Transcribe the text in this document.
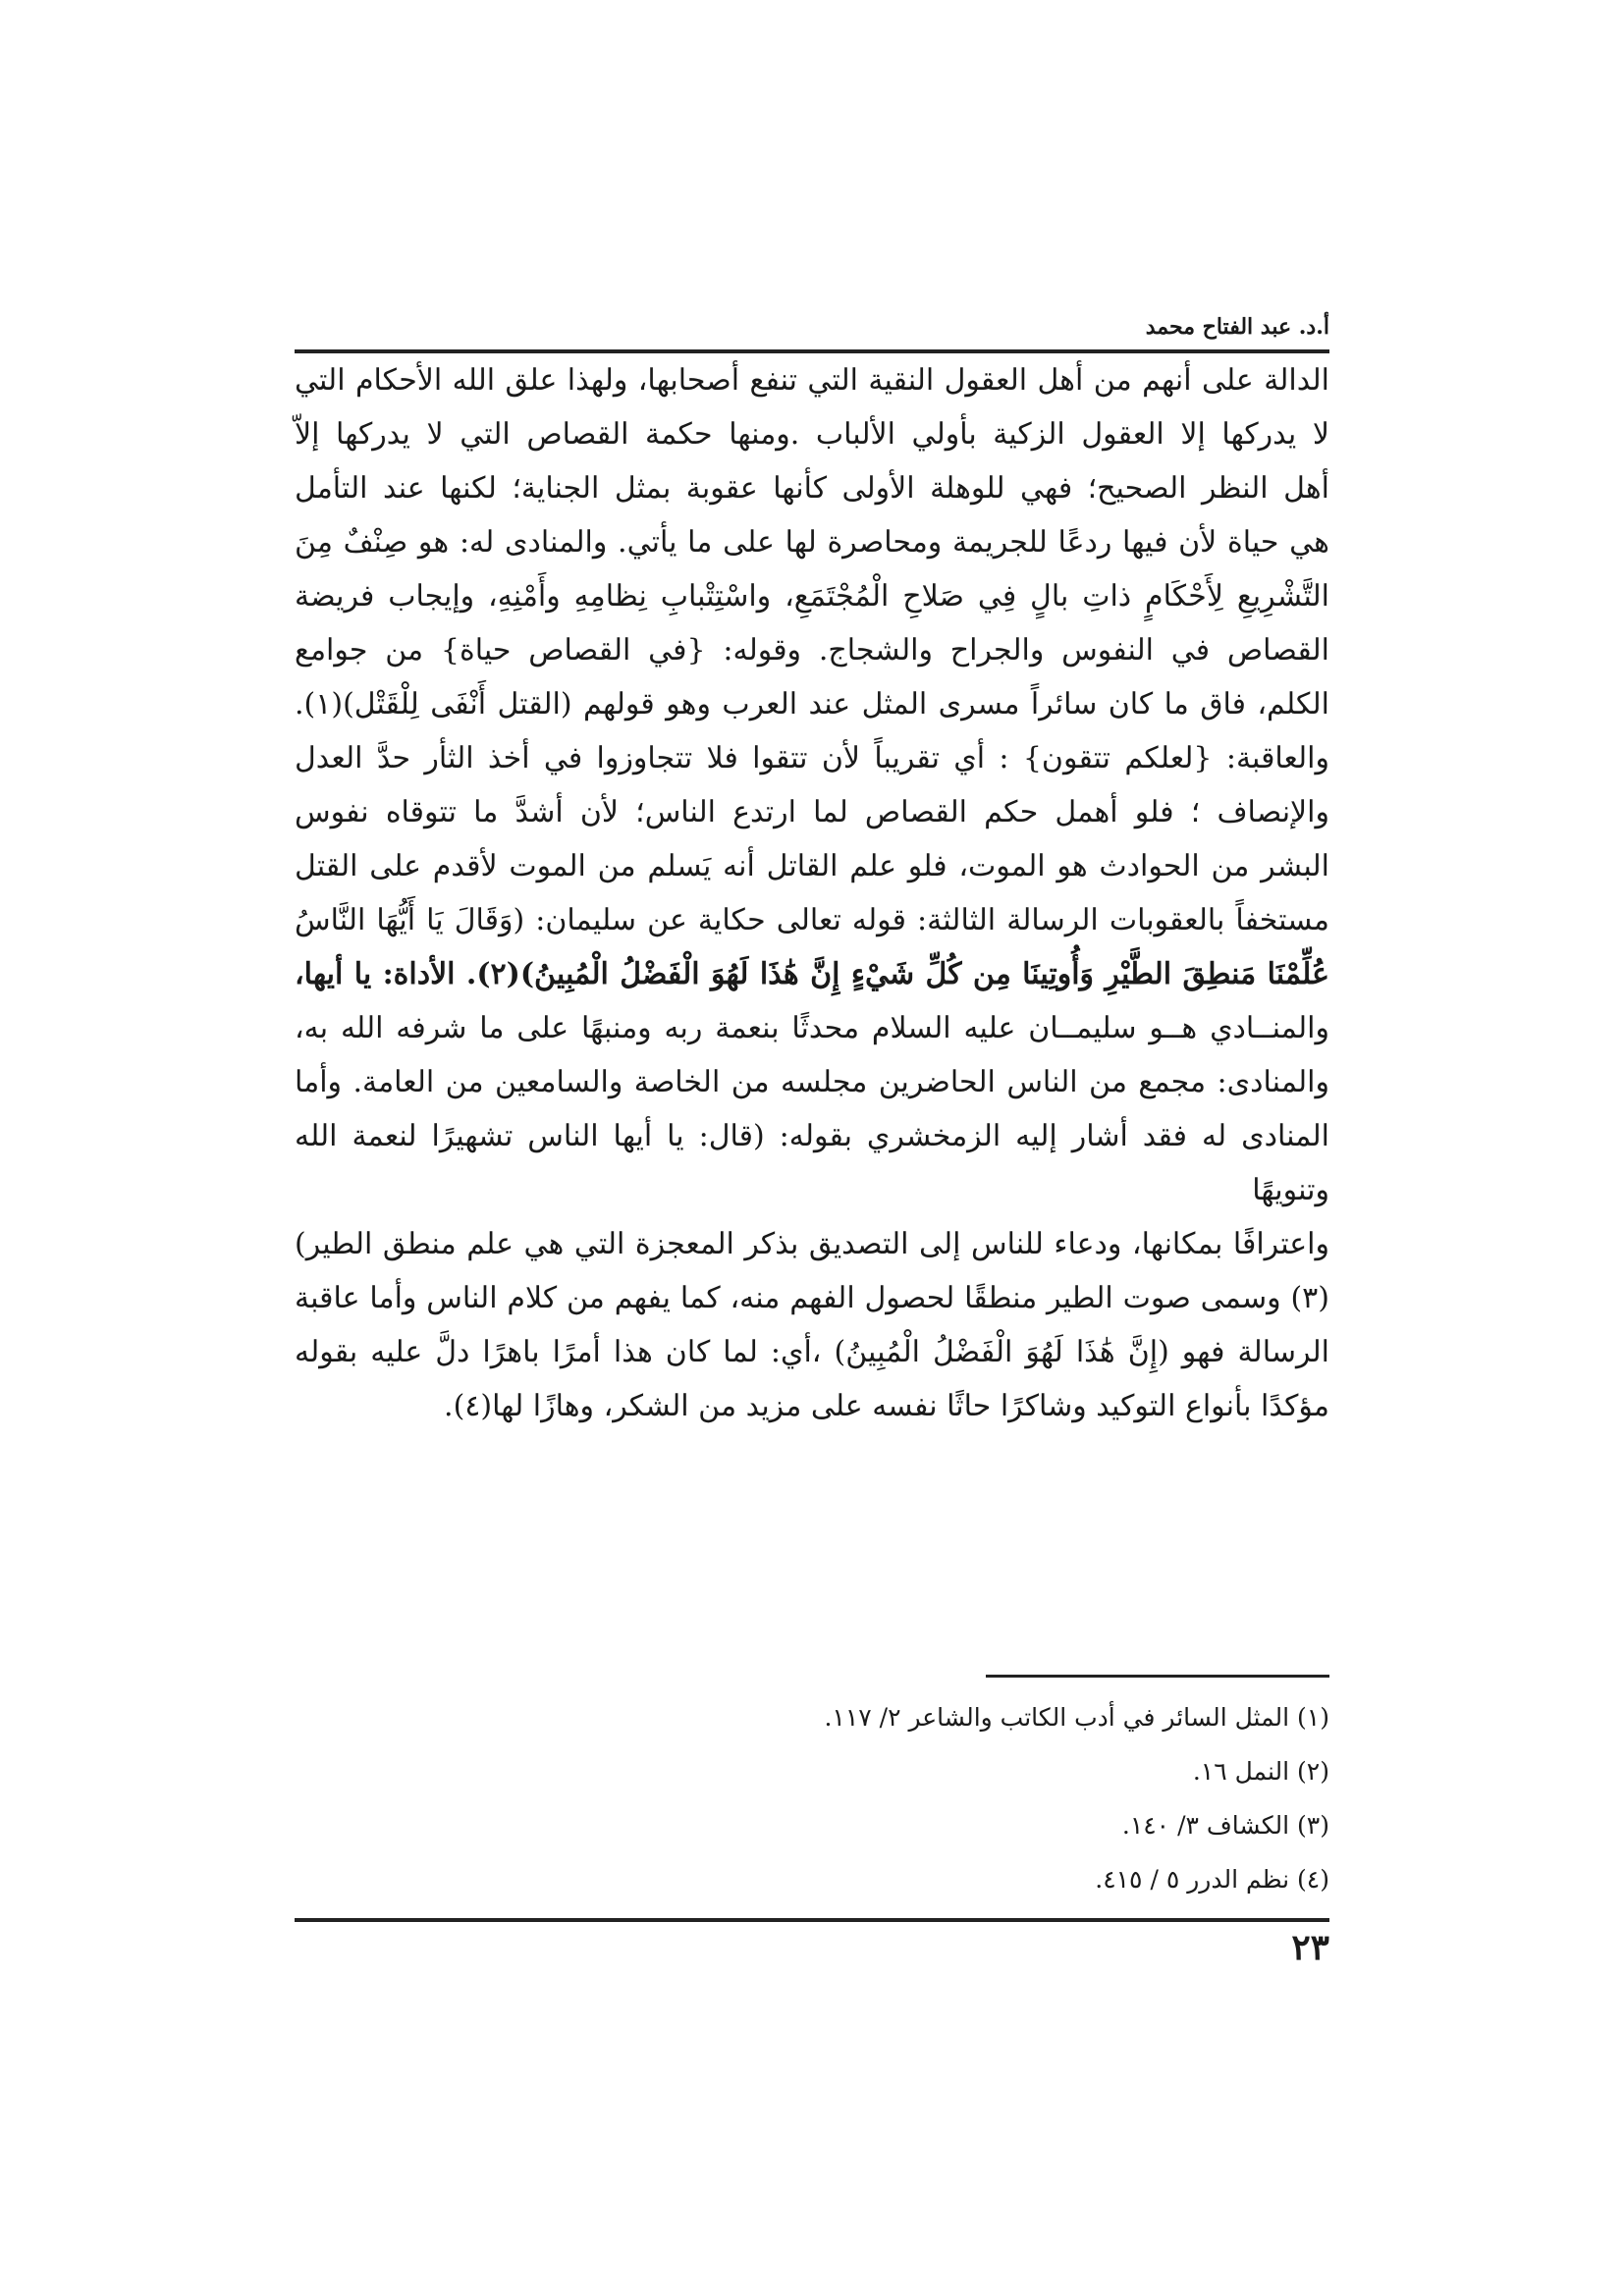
أ.د. عبد الفتاح محمد

الدالة على أنهم من أهل العقول النقية التي تنفع أصحابها، ولهذا علق الله الأحكام التي

لا يدركها إلا العقول الزكية بأولي الألباب .ومنها حكمة القصاص التي لا يدركها إلاّ

أهل النظر الصحيح؛ فهي للوهلة الأولى كأنها عقوبة بمثل الجناية؛ لكنها عند التأمل

هي حياة لأن فيها ردعًا للجريمة ومحاصرة لها على ما يأتي. والمنادى له: هو صِنْفٌ مِنَ

التَّشْرِيعِ لِأَحْكَامٍ ذاتِ بالٍ فِي صَلاحِ الْمُجْتَمَعِ، واسْتِتْبابِ نِظامِهِ وأَمْنِهِ، وإيجاب فريضة

القصاص في النفوس والجراح والشجاج. وقوله: {في القصاص حياة} من جوامع

الكلم، فاق ما كان سائراً مسرى المثل عند العرب وهو قولهم (القتل أَنْفَى لِلْقَتْل)(١).

والعاقبة: {لعلكم تتقون} : أي تقريباً لأن تتقوا فلا تتجاوزوا في أخذ الثأر حدَّ العدل

والإنصاف ؛ فلو أهمل حكم القصاص لما ارتدع الناس؛ لأن أشدَّ ما تتوقاه نفوس

البشر من الحوادث هو الموت، فلو علم القاتل أنه يَسلم من الموت لأقدم على القتل

مستخفاً بالعقوبات الرسالة الثالثة: قوله تعالى حكاية عن سليمان: (وَقَالَ يَا أَيُّهَا النَّاسُ

عُلِّمْنَا مَنطِقَ الطَّيْرِ وَأُوتِينَا مِن كُلِّ شَيْءٍ إِنَّ هَٰذَا لَهُوَ الْفَضْلُ الْمُبِينُ)(٢). الأداة: يا أيها،

والمنــادي هــو سليمــان عليه السلام محدثًا بنعمة ربه ومنبهًا على ما شرفه الله به،

والمنادى: مجمع من الناس الحاضرين مجلسه من الخاصة والسامعين من العامة. وأما

المنادى له فقد أشار إليه الزمخشري بقوله: (قال: يا أيها الناس تشهيرًا لنعمة الله وتنويهًا

واعترافًا بمكانها، ودعاء للناس إلى التصديق بذكر المعجزة التي هي علم منطق الطير)

(٣) وسمى صوت الطير منطقًا لحصول الفهم منه، كما يفهم من كلام الناس وأما عاقبة

الرسالة فهو (إِنَّ هَٰذَا لَهُوَ الْفَضْلُ الْمُبِينُ) ،أي: لما كان هذا أمرًا باهرًا دلَّ عليه بقوله

مؤكدًا بأنواع التوكيد وشاكرًا حاثًا نفسه على مزيد من الشكر، وهازًا لها(٤).

(١) المثل السائر في أدب الكاتب والشاعر ٢/ ١١٧.
(٢) النمل ١٦.
(٣) الكشاف ٣/ ١٤٠.
(٤) نظم الدرر ٥ / ٤١٥.
٢٣
